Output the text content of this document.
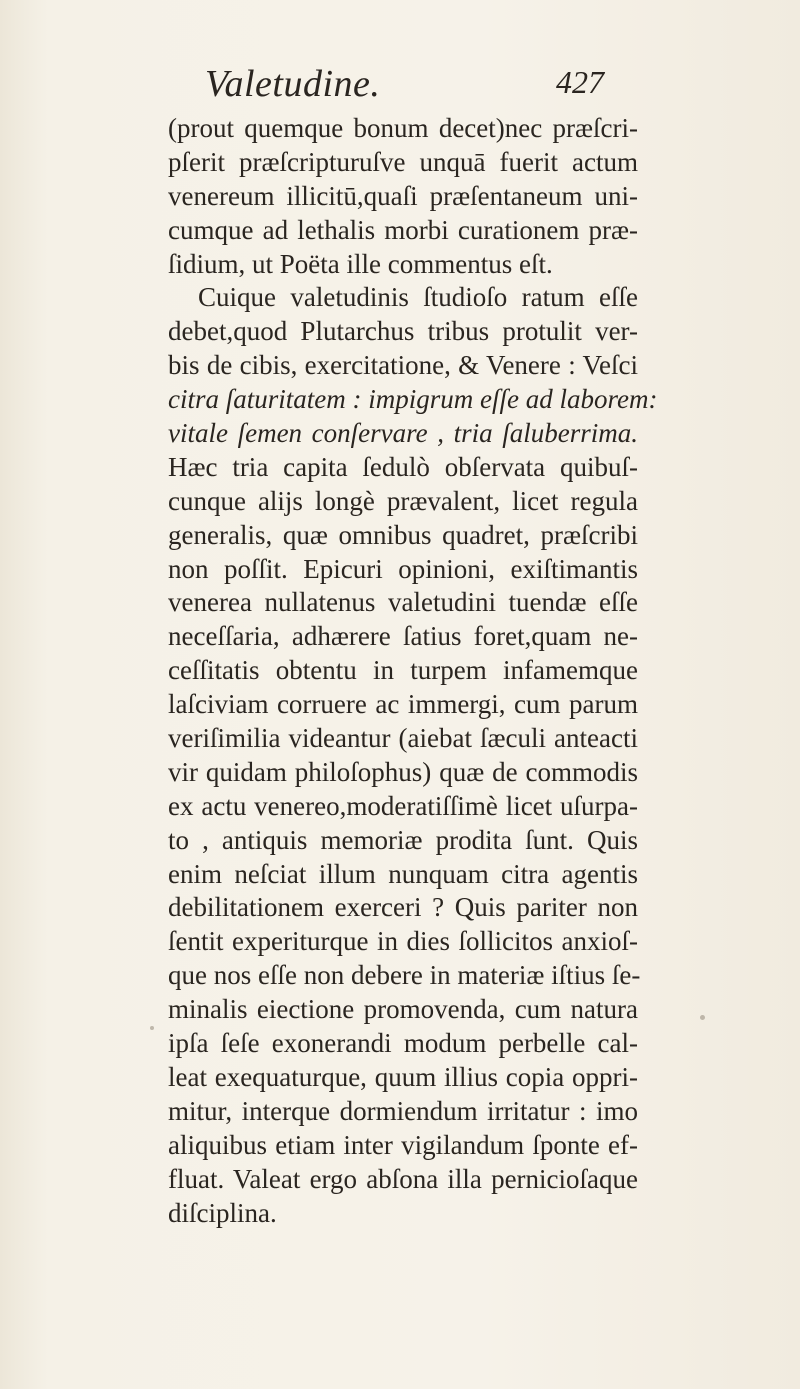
Valetudine.	427
(prout quemque bonum decet)nec præſcri-
pſerit præſcripturuſve unquā fuerit actum
venereum illicitū,quaſi præſentaneum uni-
cumque ad lethalis morbi curationem præ-
ſidium, ut Poëta ille commentus eſt.
Cuique valetudinis ſtudioſo ratum eſſe
debet,quod Plutarchus tribus protulit ver-
bis de cibis, exercitatione, & Venere : Veſci
citra ſaturitatem : impigrum eſſe ad laborem:
vitale ſemen conſervare , tria ſaluberrima.
Hæc tria capita ſedulò obſervata quibuſ-
cunque alijs longè prævalent, licet regula
generalis, quæ omnibus quadret, præſcribi
non poſſit. Epicuri opinioni, exiſtimantis
venerea nullatenus valetudini tuendæ eſſe
neceſſaria, adhærere ſatius foret,quam ne-
ceſſitatis obtentu in turpem infamemque
laſciviam corruere ac immergi, cum parum
veriſimilia videantur (aiebat ſæculi anteacti
vir quidam philoſophus) quæ de commodis
ex actu venereo,moderatiſſimè licet uſurpa-
to , antiquis memoriæ prodita ſunt. Quis
enim neſciat illum nunquam citra agentis
debilitationem exerceri ? Quis pariter non
ſentit experiturque in dies ſollicitos anxioſ-
que nos eſſe non debere in materiæ iſtius ſe-
minalis eiectione promovenda, cum natura
ipſa ſeſe exonerandi modum perbelle cal-
leat exequaturque, quum illius copia oppri-
mitur, interque dormiendum irritatur : imo
aliquibus etiam inter vigilandum ſponte ef-
fluat. Valeat ergo abſona illa pernicioſaque
diſciplina.
